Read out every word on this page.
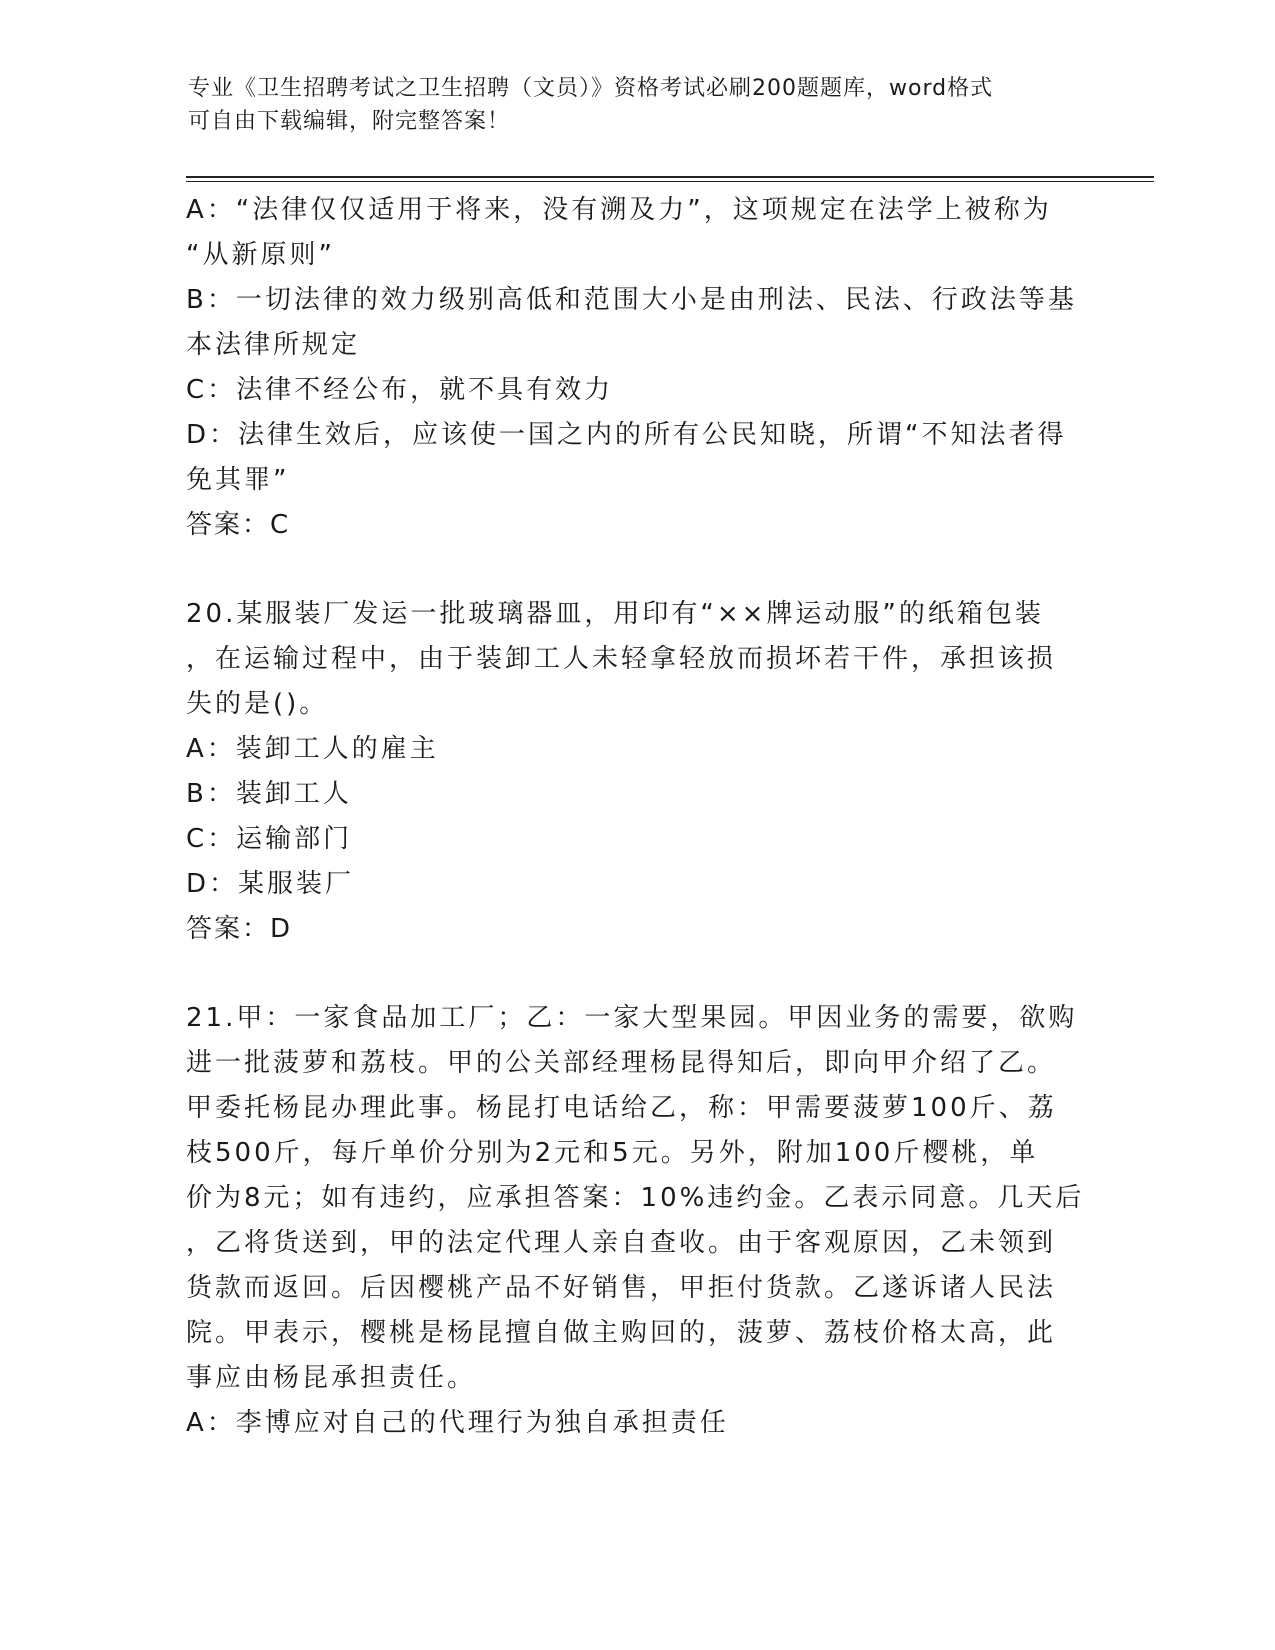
专业《卫生招聘考试之卫生招聘（文员）》资格考试必刷200题题库，word格式
可自由下载编辑，附完整答案！
A：“法律仅仅适用于将来，没有溯及力”，这项规定在法学上被称为
“从新原则”
B：一切法律的效力级别高低和范围大小是由刑法、民法、行政法等基
本法律所规定
C：法律不经公布，就不具有效力
D：法律生效后，应该使一国之内的所有公民知晓，所谓“不知法者得
免其罪”
答案：C
20.某服装厂发运一批玻璃器皿，用印有“××牌运动服”的纸箱包装
，在运输过程中，由于装卸工人未轻拿轻放而损坏若干件，承担该损
失的是()。
A：装卸工人的雇主
B：装卸工人
C：运输部门
D：某服装厂
答案：D
21.甲：一家食品加工厂；乙：一家大型果园。甲因业务的需要，欲购
进一批菠萝和荔枝。甲的公关部经理杨昆得知后，即向甲介绍了乙。
甲委托杨昆办理此事。杨昆打电话给乙，称：甲需要菠萝100斤、荔
枝500斤，每斤单价分别为2元和5元。另外，附加100斤樱桃，单
价为8元；如有违约，应承担答案：10%违约金。乙表示同意。几天后
，乙将货送到，甲的法定代理人亲自查收。由于客观原因，乙未领到
货款而返回。后因樱桃产品不好销售，甲拒付货款。乙遂诉诸人民法
院。甲表示，樱桃是杨昆擅自做主购回的，菠萝、荔枝价格太高，此
事应由杨昆承担责任。
A：李博应对自己的代理行为独自承担责任
